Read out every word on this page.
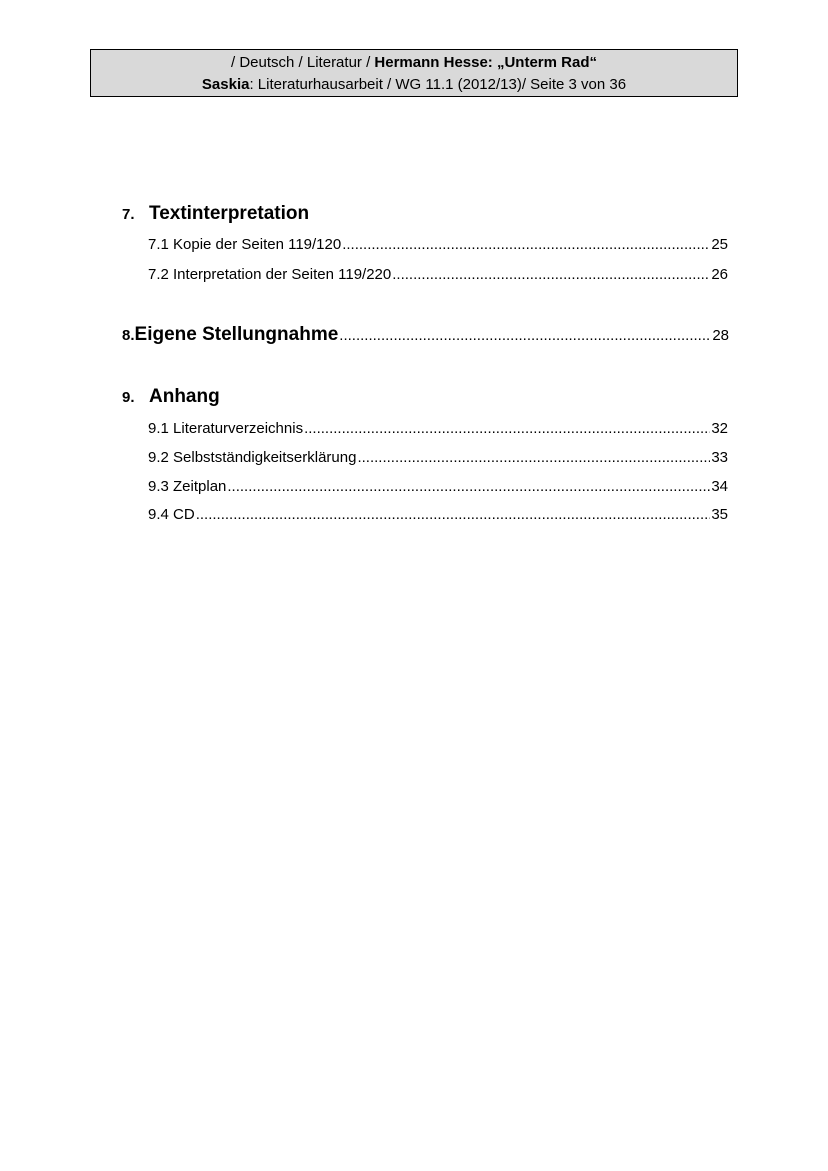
/ Deutsch / Literatur / Hermann Hesse: „Unterm Rad“
Saskia: Literaturhausarbeit / WG 11.1 (2012/13)/ Seite 3 von 36
7. Textinterpretation
7.1 Kopie der Seiten 119/120 .....	25
7.2 Interpretation der Seiten 119/220 .....	26
8. Eigene Stellungnahme .....	28
9. Anhang
9.1 Literaturverzeichnis .....	32
9.2 Selbstständigkeitserklärung .....	33
9.3 Zeitplan .....	34
9.4 CD .....	35
